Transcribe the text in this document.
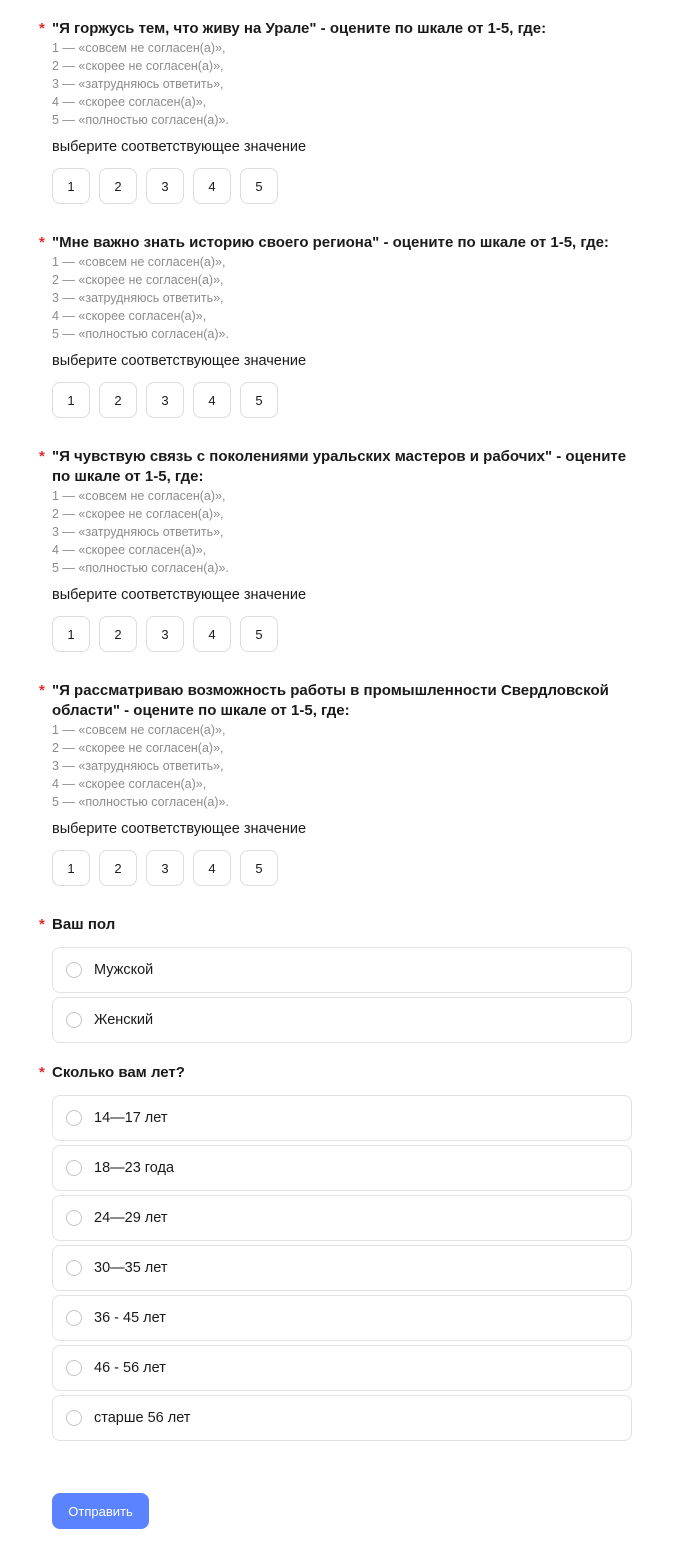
* "Я горжусь тем, что живу на Урале" - оцените по шкале от 1-5, где:
1 — «совсем не согласен(а)»,
2 — «скорее не согласен(а)»,
3 — «затрудняюсь ответить»,
4 — «скорее согласен(а)»,
5 — «полностью согласен(а)».
выберите соответствующее значение
1	2	3	4	5
* "Мне важно знать историю своего региона" - оцените по шкале от 1-5, где:
1 — «совсем не согласен(а)»,
2 — «скорее не согласен(а)»,
3 — «затрудняюсь ответить»,
4 — «скорее согласен(а)»,
5 — «полностью согласен(а)».
выберите соответствующее значение
1	2	3	4	5
* "Я чувствую связь с поколениями уральских мастеров и рабочих" - оцените по шкале от 1-5, где:
1 — «совсем не согласен(а)»,
2 — «скорее не согласен(а)»,
3 — «затрудняюсь ответить»,
4 — «скорее согласен(а)»,
5 — «полностью согласен(а)».
выберите соответствующее значение
1	2	3	4	5
* "Я рассматриваю возможность работы в промышленности Свердловской области" - оцените по шкале от 1-5, где:
1 — «совсем не согласен(а)»,
2 — «скорее не согласен(а)»,
3 — «затрудняюсь ответить»,
4 — «скорее согласен(а)»,
5 — «полностью согласен(а)».
выберите соответствующее значение
1	2	3	4	5
* Ваш пол
Мужской
Женский
* Сколько вам лет?
14—17 лет
18—23 года
24—29 лет
30—35 лет
36 - 45 лет
46 - 56 лет
старше 56 лет
Отправить
